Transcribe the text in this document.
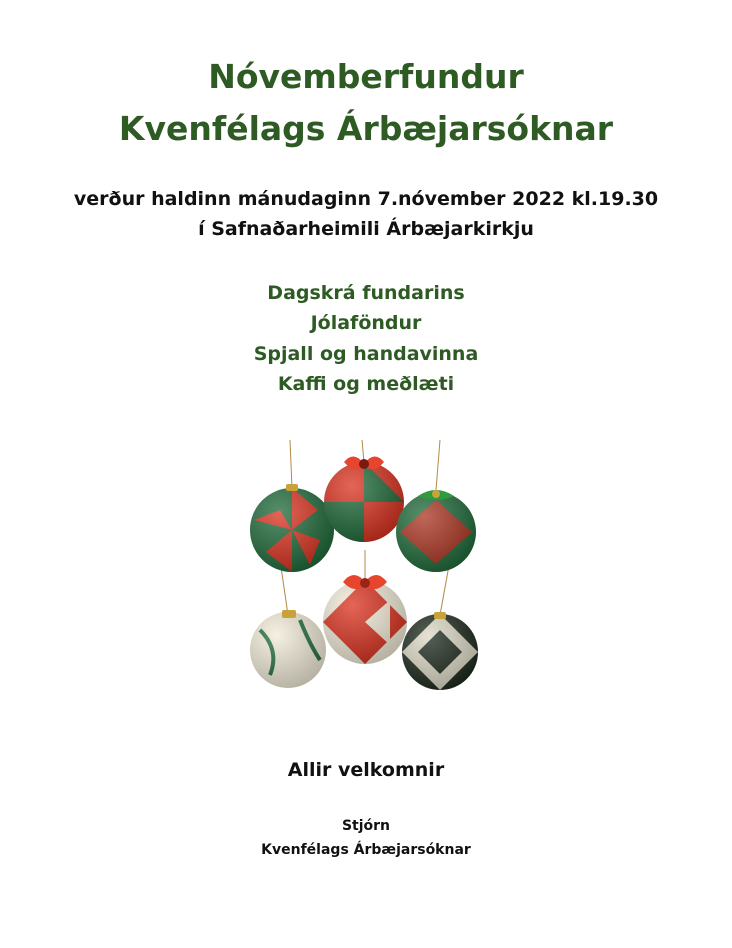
Nóvemberfundur
Kvenfélags Árbæjarsóknar
verður haldinn mánudaginn 7.nóvember 2022 kl.19.30
í Safnaðarheimili Árbæjarkirkju
Dagskrá fundarins
Jólaföndur
Spjall og handavinna
Kaffi og meðlæti
Allir velkomnir
Stjórn
Kvenfélags Árbæjarsóknar
